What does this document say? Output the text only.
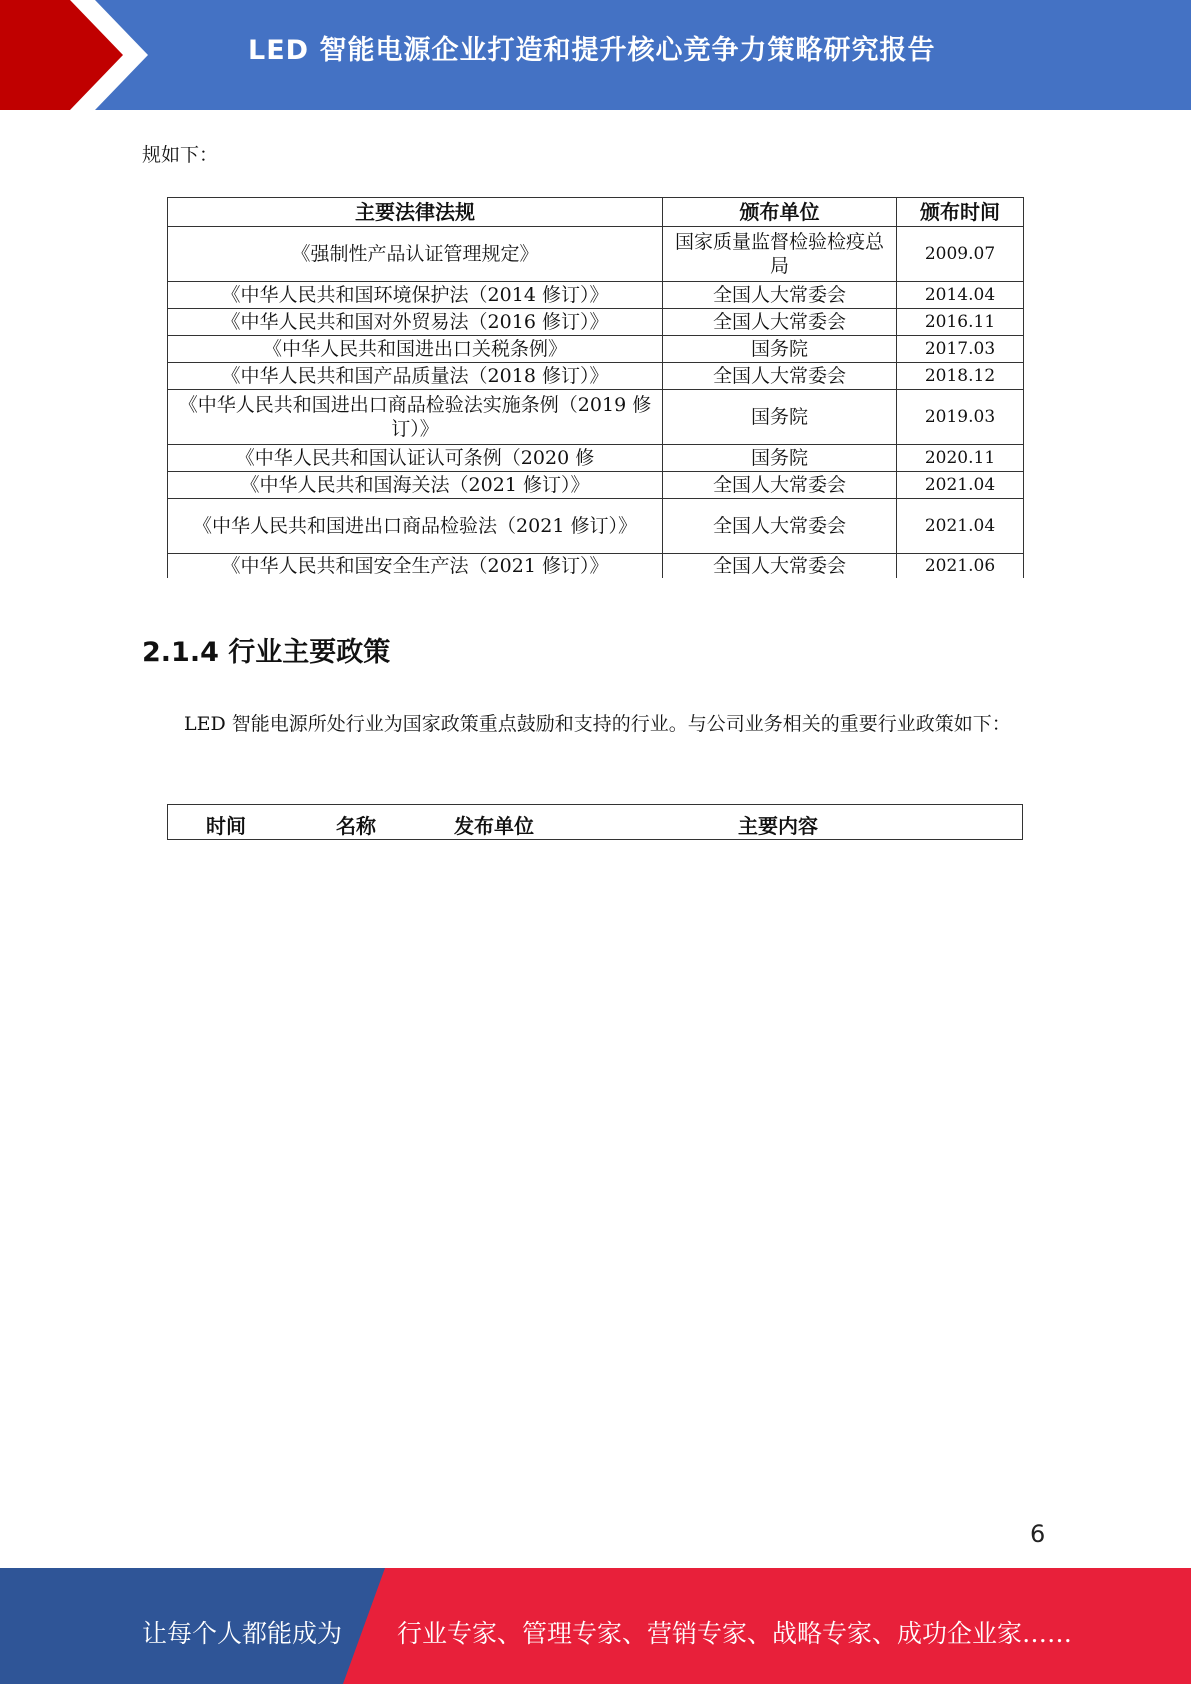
LED 智能电源企业打造和提升核心竞争力策略研究报告
规如下：
主要法律法规	颁布单位	颁布时间
《强制性产品认证管理规定》	国家质量监督检验检疫总局	2009.07
《中华人民共和国环境保护法（2014 修订）》	全国人大常委会	2014.04
《中华人民共和国对外贸易法（2016 修订）》	全国人大常委会	2016.11
《中华人民共和国进出口关税条例》	国务院	2017.03
《中华人民共和国产品质量法（2018 修订）》	全国人大常委会	2018.12
《中华人民共和国进出口商品检验法实施条例（2019 修订）》	国务院	2019.03
《中华人民共和国认证认可条例（2020 修	国务院	2020.11
《中华人民共和国海关法（2021 修订）》	全国人大常委会	2021.04
《中华人民共和国进出口商品检验法（2021 修订）》	全国人大常委会	2021.04
《中华人民共和国安全生产法（2021 修订）》	全国人大常委会	2021.06
2.1.4 行业主要政策
LED 智能电源所处行业为国家政策重点鼓励和支持的行业。与公司业务相关的重要行业政策如下：
时间	名称	发布单位	主要内容
6
让每个人都能成为 行业专家、管理专家、营销专家、战略专家、成功企业家……
